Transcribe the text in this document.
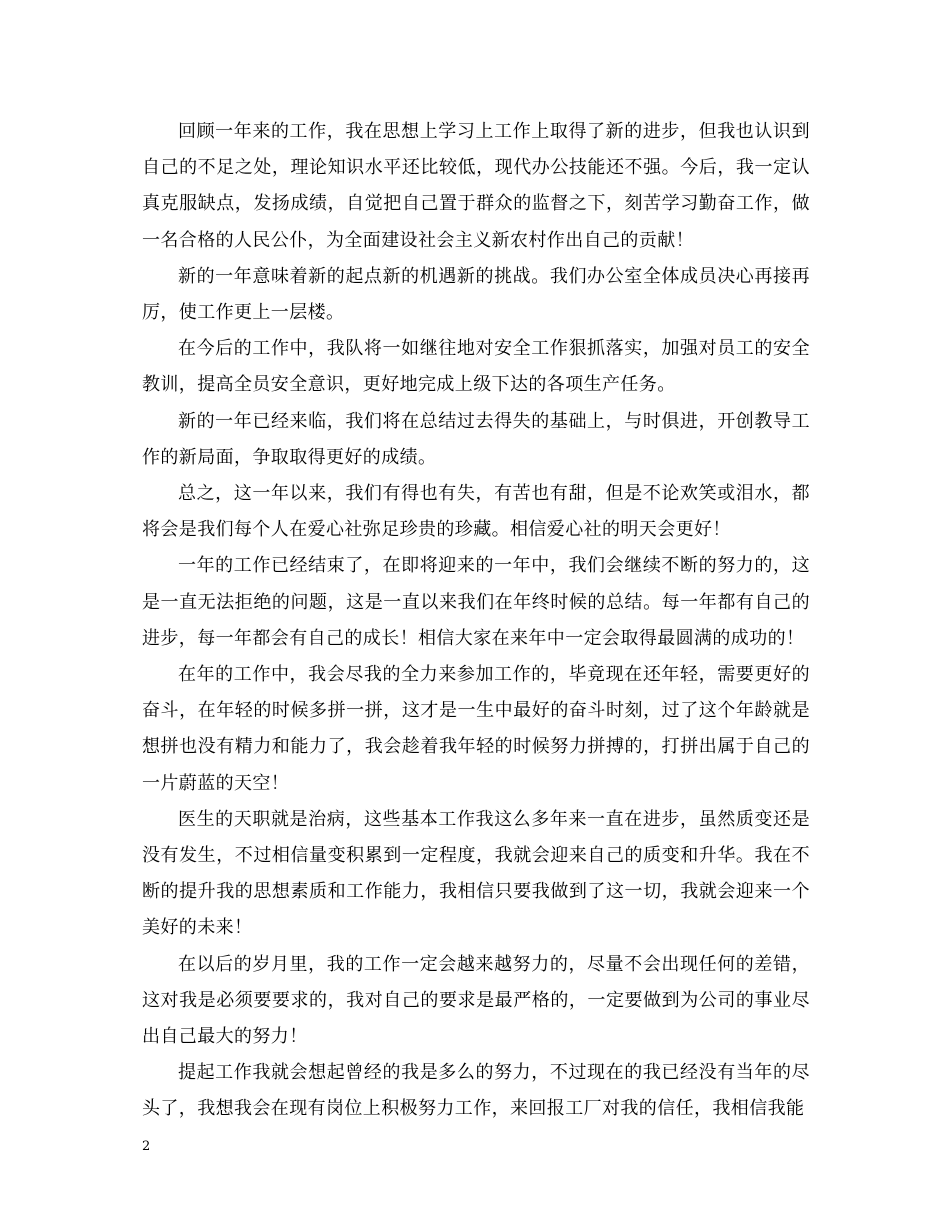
回顾一年来的工作，我在思想上学习上工作上取得了新的进步，但我也认识到自己的不足之处，理论知识水平还比较低，现代办公技能还不强。今后，我一定认真克服缺点，发扬成绩，自觉把自己置于群众的监督之下，刻苦学习勤奋工作，做一名合格的人民公仆，为全面建设社会主义新农村作出自己的贡献！

新的一年意味着新的起点新的机遇新的挑战。我们办公室全体成员决心再接再厉，使工作更上一层楼。

在今后的工作中，我队将一如继往地对安全工作狠抓落实，加强对员工的安全教训，提高全员安全意识，更好地完成上级下达的各项生产任务。

新的一年已经来临，我们将在总结过去得失的基础上，与时俱进，开创教导工作的新局面，争取取得更好的成绩。

总之，这一年以来，我们有得也有失，有苦也有甜，但是不论欢笑或泪水，都将会是我们每个人在爱心社弥足珍贵的珍藏。相信爱心社的明天会更好！

一年的工作已经结束了，在即将迎来的一年中，我们会继续不断的努力的，这是一直无法拒绝的问题，这是一直以来我们在年终时候的总结。每一年都有自己的进步，每一年都会有自己的成长！相信大家在来年中一定会取得最圆满的成功的！

在年的工作中，我会尽我的全力来参加工作的，毕竟现在还年轻，需要更好的奋斗，在年轻的时候多拼一拼，这才是一生中最好的奋斗时刻，过了这个年龄就是想拼也没有精力和能力了，我会趁着我年轻的时候努力拼搏的，打拼出属于自己的一片蔚蓝的天空！

医生的天职就是治病，这些基本工作我这么多年来一直在进步，虽然质变还是没有发生，不过相信量变积累到一定程度，我就会迎来自己的质变和升华。我在不断的提升我的思想素质和工作能力，我相信只要我做到了这一切，我就会迎来一个美好的未来！

在以后的岁月里，我的工作一定会越来越努力的，尽量不会出现任何的差错，这对我是必须要要求的，我对自己的要求是最严格的，一定要做到为公司的事业尽出自己最大的努力！

提起工作我就会想起曾经的我是多么的努力，不过现在的我已经没有当年的尽头了，我想我会在现有岗位上积极努力工作，来回报工厂对我的信任，我相信我能

2
